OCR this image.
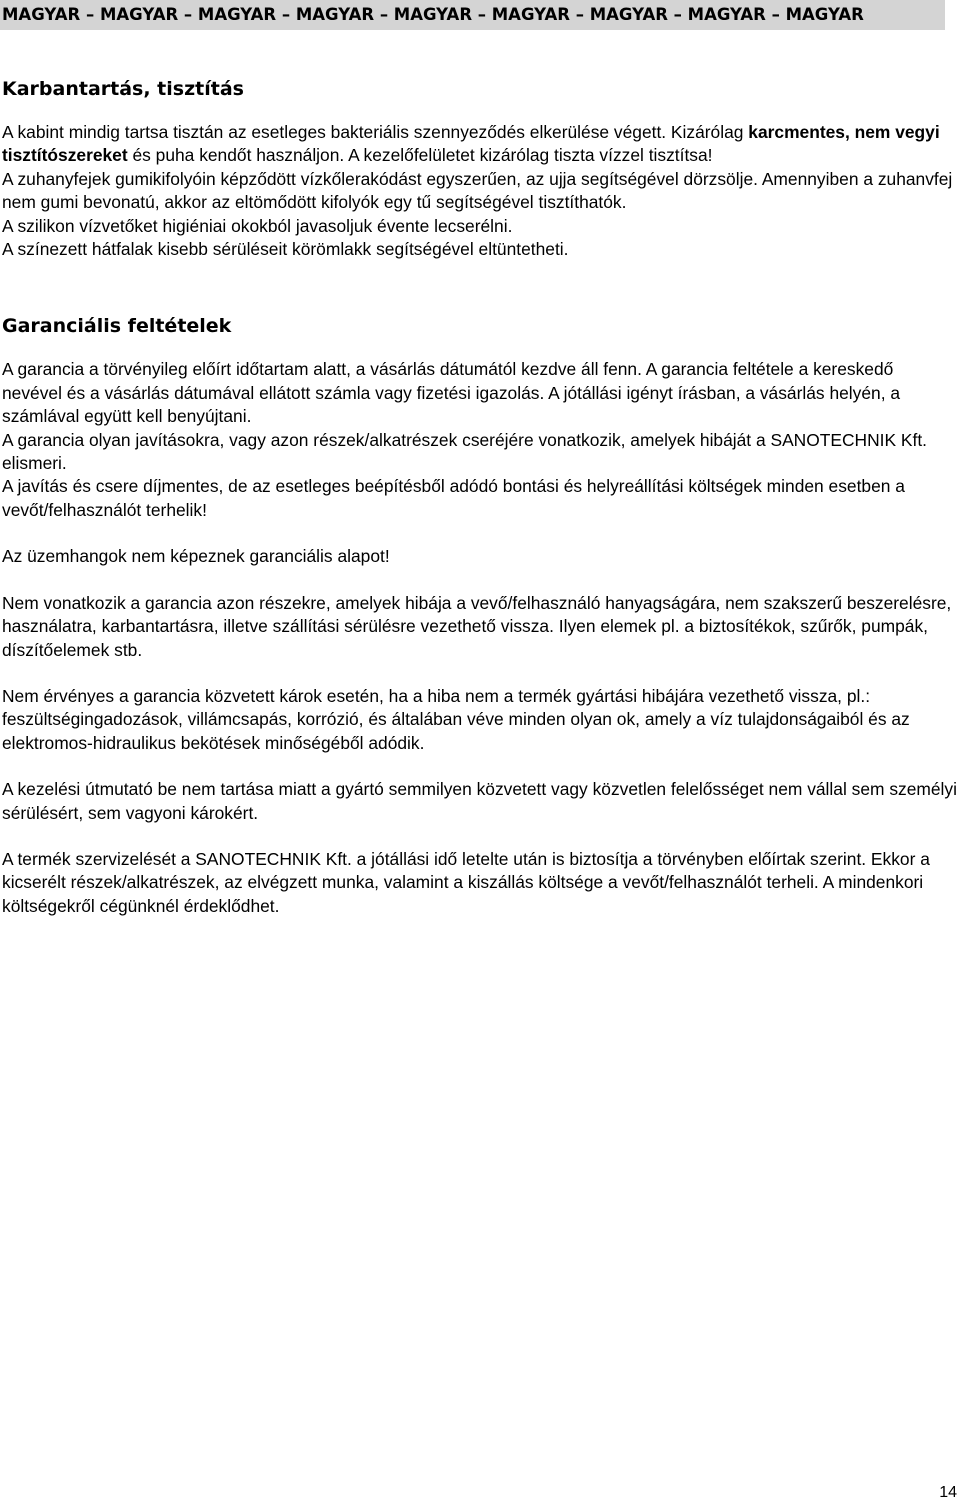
MAGYAR – MAGYAR – MAGYAR – MAGYAR – MAGYAR – MAGYAR – MAGYAR – MAGYAR – MAGYAR
Karbantartás, tisztítás

A kabint mindig tartsa tisztán az esetleges bakteriális szennyeződés elkerülése végett. Kizárólag karcmentes, nem vegyi tisztítószereket és puha kendőt használjon. A kezelőfelületet kizárólag tiszta vízzel tisztítsa!

A zuhanyfejek gumikifolyóin képződött vízkőlerakódást egyszerűen, az ujja segítségével dörzsölje. Amennyiben a zuhanvfej nem gumi bevonatú, akkor az eltömődött kifolyók egy tű segítségével tisztíthatók.

A szilikon vízvetőket higiéniai okokból javasoljuk évente lecserélni.

A színezett hátfalak kisebb sérüléseit körömlakk segítségével eltüntetheti.

Garanciális feltételek

A garancia a törvényileg előírt időtartam alatt, a vásárlás dátumától kezdve áll fenn. A garancia feltétele a kereskedő nevével és a vásárlás dátumával ellátott számla vagy fizetési igazolás. A jótállási igényt írásban, a vásárlás helyén, a számlával együtt kell benyújtani.

A garancia olyan javításokra, vagy azon részek/alkatrészek cseréjére vonatkozik, amelyek hibáját a SANOTECHNIK Kft. elismeri.

A javítás és csere díjmentes, de az esetleges beépítésből adódó bontási és helyreállítási költségek minden esetben a vevőt/felhasználót terhelik!

Az üzemhangok nem képeznek garanciális alapot!

Nem vonatkozik a garancia azon részekre, amelyek hibája a vevő/felhasználó hanyagságára, nem szakszerű beszerelésre, használatra, karbantartásra, illetve szállítási sérülésre vezethető vissza. Ilyen elemek pl. a biztosítékok, szűrők, pumpák, díszítőelemek stb.

Nem érvényes a garancia közvetett károk esetén, ha a hiba nem a termék gyártási hibájára vezethető vissza, pl.: feszültségingadozások, villámcsapás, korrózió, és általában véve minden olyan ok, amely a víz tulajdonságaiból és az elektromos-hidraulikus bekötések minőségéből adódik.

A kezelési útmutató be nem tartása miatt a gyártó semmilyen közvetett vagy közvetlen felelősséget nem vállal sem személyi sérülésért, sem vagyoni károkért.

A termék szervizelését a SANOTECHNIK Kft. a jótállási idő letelte után is biztosítja a törvényben előírtak szerint. Ekkor a kicserélt részek/alkatrészek, az elvégzett munka, valamint a kiszállás költsége a vevőt/felhasználót terheli. A mindenkori költségekről cégünknél érdeklődhet.

14
